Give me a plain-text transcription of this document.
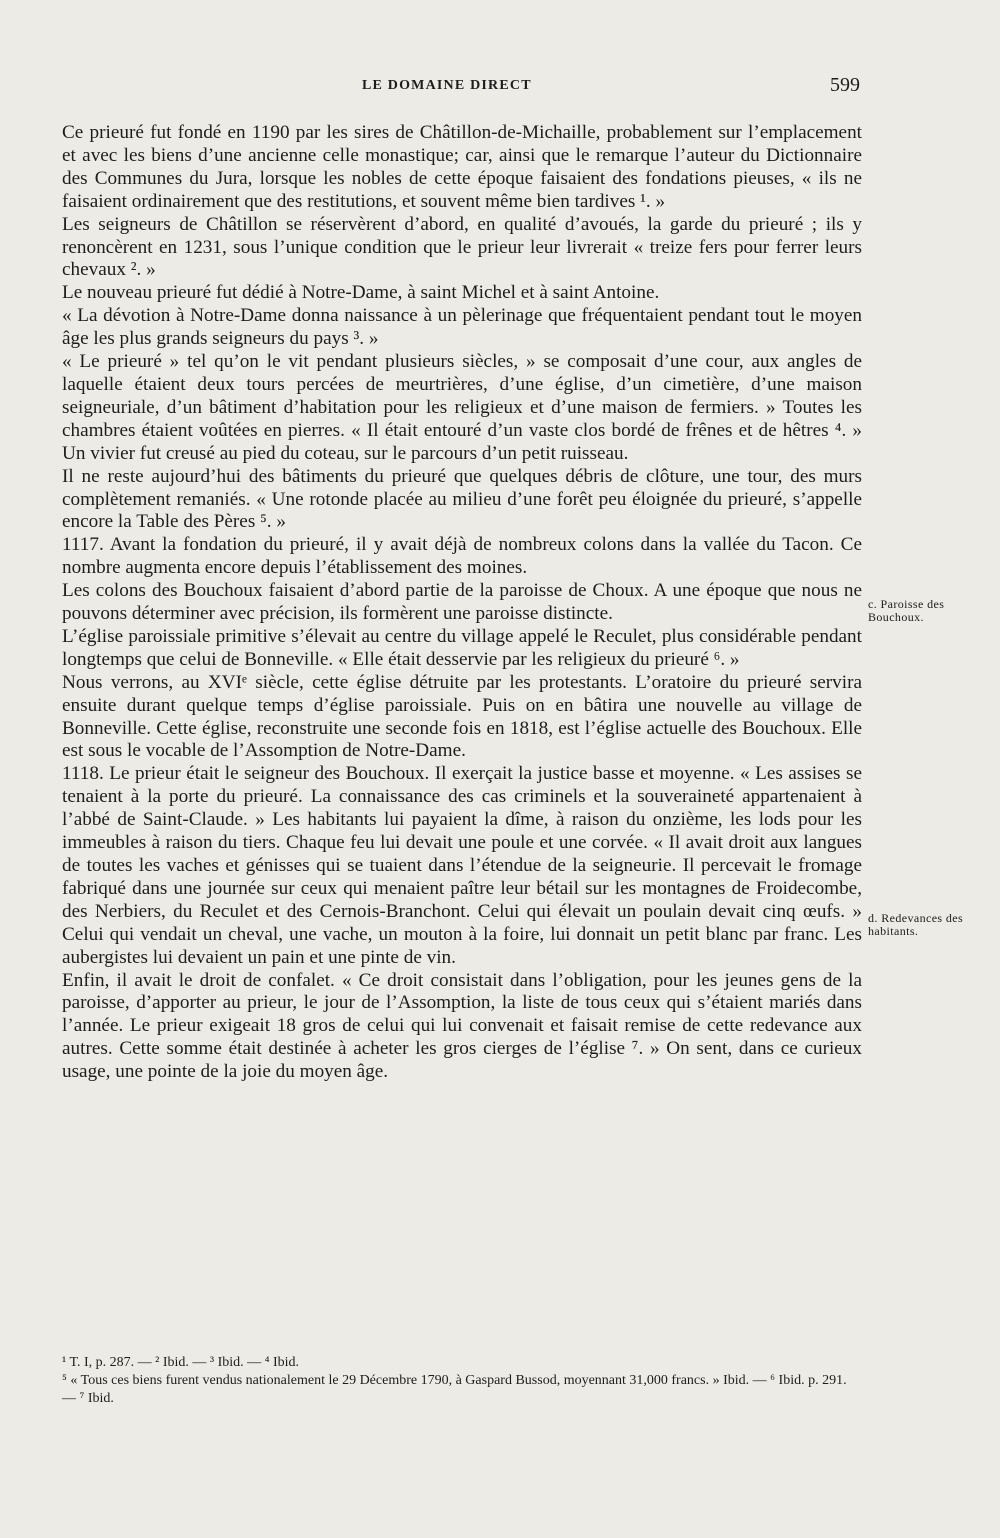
LE DOMAINE DIRECT	599

Ce prieuré fut fondé en 1190 par les sires de Châtillon-de-Michaille, probablement sur l’emplacement et avec les biens d’une ancienne celle monastique; car, ainsi que le remarque l’auteur du Dictionnaire des Communes du Jura, lorsque les nobles de cette époque faisaient des fondations pieuses, « ils ne faisaient ordinairement que des restitutions, et souvent même bien tardives ¹. »

Les seigneurs de Châtillon se réservèrent d’abord, en qualité d’avoués, la garde du prieuré ; ils y renoncèrent en 1231, sous l’unique condition que le prieur leur livrerait « treize fers pour ferrer leurs chevaux ². »

Le nouveau prieuré fut dédié à Notre-Dame, à saint Michel et à saint Antoine.

« La dévotion à Notre-Dame donna naissance à un pèlerinage que fréquentaient pendant tout le moyen âge les plus grands seigneurs du pays ³. »

« Le prieuré » tel qu’on le vit pendant plusieurs siècles, » se composait d’une cour, aux angles de laquelle étaient deux tours percées de meurtrières, d’une église, d’un cimetière, d’une maison seigneuriale, d’un bâtiment d’habitation pour les religieux et d’une maison de fermiers. » Toutes les chambres étaient voûtées en pierres. « Il était entouré d’un vaste clos bordé de frênes et de hêtres ⁴. » Un vivier fut creusé au pied du coteau, sur le parcours d’un petit ruisseau.

Il ne reste aujourd’hui des bâtiments du prieuré que quelques débris de clôture, une tour, des murs complètement remaniés. « Une rotonde placée au milieu d’une forêt peu éloignée du prieuré, s’appelle encore la Table des Pères ⁵. »

1117. Avant la fondation du prieuré, il y avait déjà de nombreux colons dans la vallée du Tacon. Ce nombre augmenta encore depuis l’établissement des moines.

Les colons des Bouchoux faisaient d’abord partie de la paroisse de Choux. A une époque que nous ne pouvons déterminer avec précision, ils formèrent une paroisse distincte.

L’église paroissiale primitive s’élevait au centre du village appelé le Reculet, plus considérable pendant longtemps que celui de Bonneville. « Elle était desservie par les religieux du prieuré ⁶. »

Nous verrons, au XVIᵉ siècle, cette église détruite par les protestants. L’oratoire du prieuré servira ensuite durant quelque temps d’église paroissiale. Puis on en bâtira une nouvelle au village de Bonneville. Cette église, reconstruite une seconde fois en 1818, est l’église actuelle des Bouchoux. Elle est sous le vocable de l’Assomption de Notre-Dame.

1118. Le prieur était le seigneur des Bouchoux. Il exerçait la justice basse et moyenne. « Les assises se tenaient à la porte du prieuré. La connaissance des cas criminels et la souveraineté appartenaient à l’abbé de Saint-Claude. » Les habitants lui payaient la dîme, à raison du onzième, les lods pour les immeubles à raison du tiers. Chaque feu lui devait une poule et une corvée. « Il avait droit aux langues de toutes les vaches et génisses qui se tuaient dans l’étendue de la seigneurie. Il percevait le fromage fabriqué dans une journée sur ceux qui menaient paître leur bétail sur les montagnes de Froidecombe, des Nerbiers, du Reculet et des Cernois-Branchont. Celui qui élevait un poulain devait cinq œufs. » Celui qui vendait un cheval, une vache, un mouton à la foire, lui donnait un petit blanc par franc. Les aubergistes lui devaient un pain et une pinte de vin.

Enfin, il avait le droit de confalet. « Ce droit consistait dans l’obligation, pour les jeunes gens de la paroisse, d’apporter au prieur, le jour de l’Assomption, la liste de tous ceux qui s’étaient mariés dans l’année. Le prieur exigeait 18 gros de celui qui lui convenait et faisait remise de cette redevance aux autres. Cette somme était destinée à acheter les gros cierges de l’église ⁷. » On sent, dans ce curieux usage, une pointe de la joie du moyen âge.

c. Paroisse des Bouchoux.
d. Redevances des habitants.

¹ T. I, p. 287. — ² Ibid. — ³ Ibid. — ⁴ Ibid.

⁵ « Tous ces biens furent vendus nationalement le 29 Décembre 1790, à Gaspard Bussod, moyennant 31,000 francs. » Ibid. — ⁶ Ibid. p. 291. — ⁷ Ibid.
